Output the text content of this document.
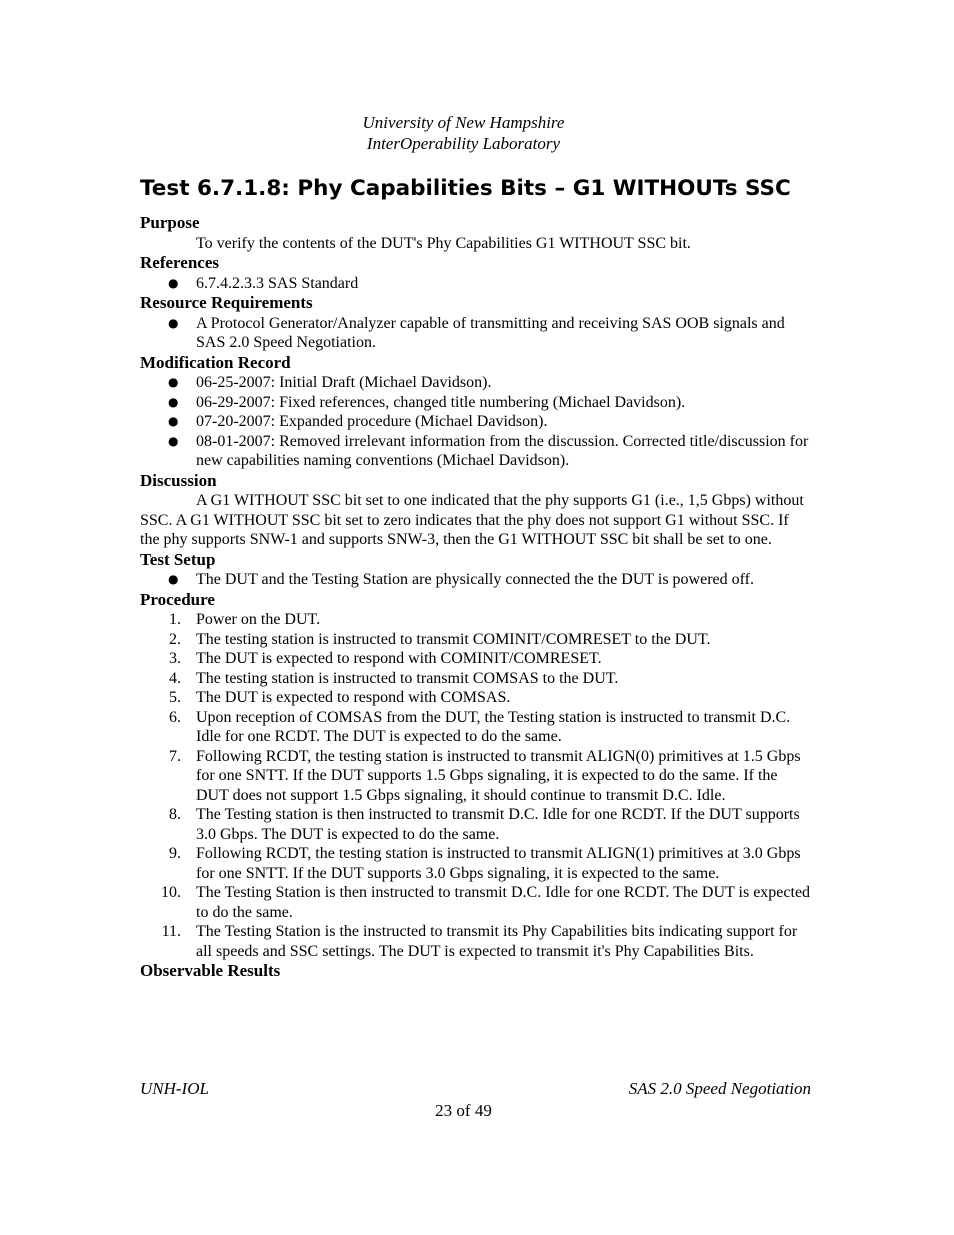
University of New Hampshire
InterOperability Laboratory
Test 6.7.1.8: Phy Capabilities Bits – G1 WITHOUTs SSC
Purpose
To verify the contents of the DUT's Phy Capabilities G1 WITHOUT SSC bit.
References
● 6.7.4.2.3.3 SAS Standard
Resource Requirements
● A Protocol Generator/Analyzer capable of transmitting and receiving SAS OOB signals and SAS 2.0 Speed Negotiation.
Modification Record
● 06-25-2007: Initial Draft (Michael Davidson).
● 06-29-2007: Fixed references, changed title numbering (Michael Davidson).
● 07-20-2007: Expanded procedure (Michael Davidson).
● 08-01-2007: Removed irrelevant information from the discussion. Corrected title/discussion for new capabilities naming conventions (Michael Davidson).
Discussion
A G1 WITHOUT SSC bit set to one indicated that the phy supports G1 (i.e., 1,5 Gbps) without SSC. A G1 WITHOUT SSC bit set to zero indicates that the phy does not support G1 without SSC. If the phy supports SNW-1 and supports SNW-3, then the G1 WITHOUT SSC bit shall be set to one.
Test Setup
● The DUT and the Testing Station are physically connected the the DUT is powered off.
Procedure
1. Power on the DUT.
2. The testing station is instructed to transmit COMINIT/COMRESET to the DUT.
3. The DUT is expected to respond with COMINIT/COMRESET.
4. The testing station is instructed to transmit COMSAS to the DUT.
5. The DUT is expected to respond with COMSAS.
6. Upon reception of COMSAS from the DUT, the Testing station is instructed to transmit D.C. Idle for one RCDT. The DUT is expected to do the same.
7. Following RCDT, the testing station is instructed to transmit ALIGN(0) primitives at 1.5 Gbps for one SNTT. If the DUT supports 1.5 Gbps signaling, it is expected to do the same. If the DUT does not support 1.5 Gbps signaling, it should continue to transmit D.C. Idle.
8. The Testing station is then instructed to transmit D.C. Idle for one RCDT. If the DUT supports 3.0 Gbps. The DUT is expected to do the same.
9. Following RCDT, the testing station is instructed to transmit ALIGN(1) primitives at 3.0 Gbps for one SNTT. If the DUT supports 3.0 Gbps signaling, it is expected to the same.
10. The Testing Station is then instructed to transmit D.C. Idle for one RCDT. The DUT is expected to do the same.
11. The Testing Station is the instructed to transmit its Phy Capabilities bits indicating support for all speeds and SSC settings. The DUT is expected to transmit it's Phy Capabilities Bits.
Observable Results
UNH-IOL	SAS 2.0 Speed Negotiation
23 of 49
